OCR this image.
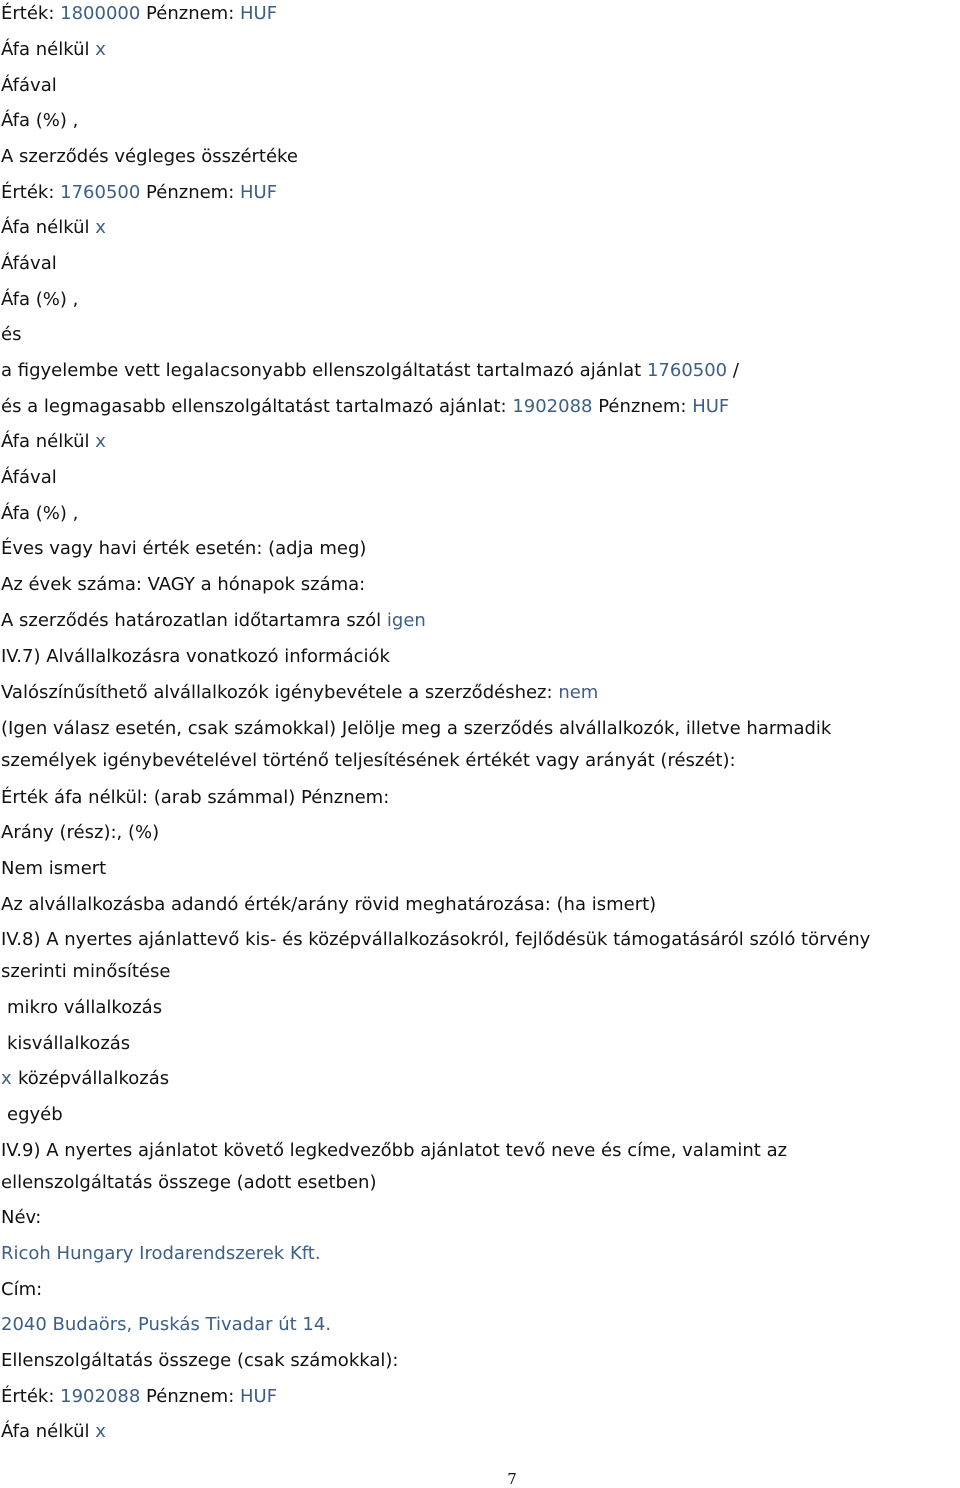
Érték: 1800000 Pénznem: HUF
Áfa nélkül x
Áfával
Áfa (%) ,
A szerződés végleges összértéke
Érték: 1760500 Pénznem: HUF
Áfa nélkül x
Áfával
Áfa (%) ,
és
a figyelembe vett legalacsonyabb ellenszolgáltatást tartalmazó ajánlat 1760500 /
és a legmagasabb ellenszolgáltatást tartalmazó ajánlat: 1902088 Pénznem: HUF
Áfa nélkül x
Áfával
Áfa (%) ,
Éves vagy havi érték esetén: (adja meg)
Az évek száma: VAGY a hónapok száma:
A szerződés határozatlan időtartamra szól igen
IV.7) Alvállalkozásra vonatkozó információk
Valószínűsíthető alvállalkozók igénybevétele a szerződéshez: nem
(Igen válasz esetén, csak számokkal) Jelölje meg a szerződés alvállalkozók, illetve harmadik
személyek igénybevételével történő teljesítésének értékét vagy arányát (részét):
Érték áfa nélkül: (arab számmal) Pénznem:
Arány (rész):, (%)
Nem ismert
Az alvállalkozásba adandó érték/arány rövid meghatározása: (ha ismert)
IV.8) A nyertes ajánlattevő kis- és középvállalkozásokról, fejlődésük támogatásáról szóló törvény
szerinti minősítése
mikro vállalkozás
kisvállalkozás
x középvállalkozás
egyéb
IV.9) A nyertes ajánlatot követő legkedvezőbb ajánlatot tevő neve és címe, valamint az
ellenszolgáltatás összege (adott esetben)
Név:
Ricoh Hungary Irodarendszerek Kft.
Cím:
2040 Budaörs, Puskás Tivadar út 14.
Ellenszolgáltatás összege (csak számokkal):
Érték: 1902088 Pénznem: HUF
Áfa nélkül x
7
